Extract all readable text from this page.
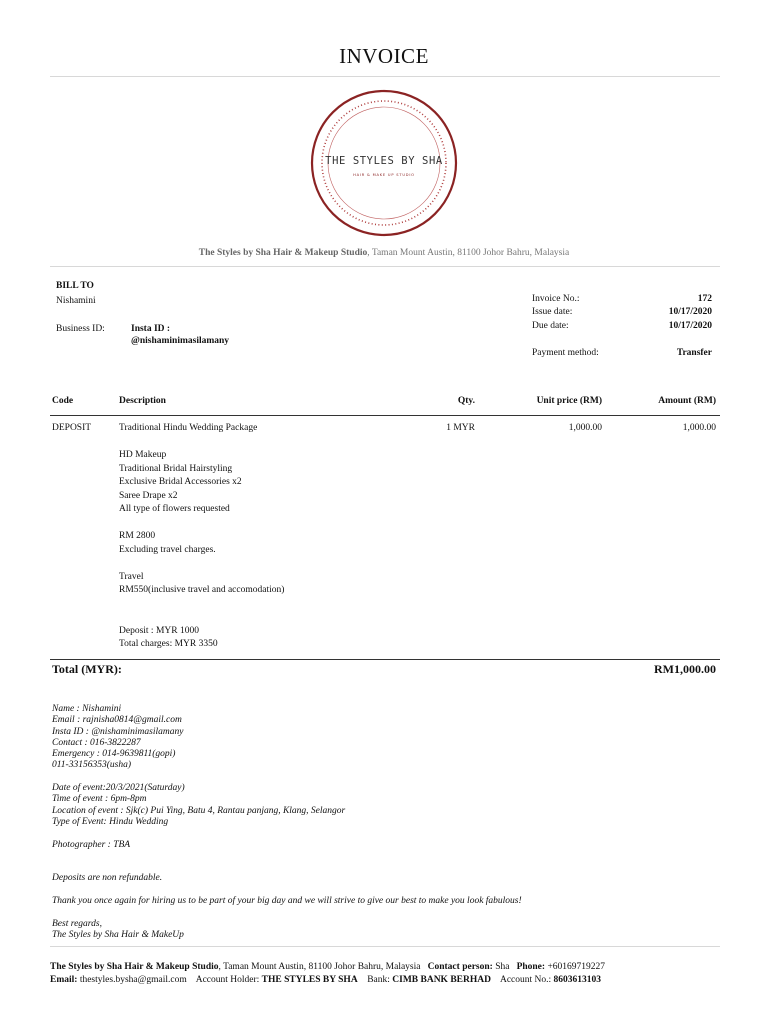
INVOICE
THE STYLES BY SHA
HAIR & MAKE UP STUDIO
The Styles by Sha Hair & Makeup Studio, Taman Mount Austin, 81100 Johor Bahru, Malaysia
BILL TO
Nishamini
Business ID:	Insta ID :
@nishaminimasilamany
Invoice No.:	172
Issue date:	10/17/2020
Due date:	10/17/2020
Payment method:	Transfer
Code	Description	Qty.	Unit price (RM)	Amount (RM)
DEPOSIT	Traditional Hindu Wedding Package	1 MYR	1,000.00	1,000.00
HD Makeup
Traditional Bridal Hairstyling
Exclusive Bridal Accessories x2
Saree Drape x2
All type of flowers requested
RM 2800
Excluding travel charges.
Travel
RM550(inclusive travel and accomodation)
Deposit : MYR 1000
Total charges: MYR 3350
Total (MYR):	RM1,000.00
Name : Nishamini
Email : rajnisha0814@gmail.com
Insta ID : @nishaminimasilamany
Contact : 016-3822287
Emergency : 014-9639811(gopi)
011-33156353(usha)
Date of event:20/3/2021(Saturday)
Time of event : 6pm-8pm
Location of event : Sjk(c) Pui Ying, Batu 4, Rantau panjang, Klang, Selangor
Type of Event: Hindu Wedding
Photographer : TBA
Deposits are non refundable.
Thank you once again for hiring us to be part of your big day and we will strive to give our best to make you look fabulous!
Best regards,
The Styles by Sha Hair & MakeUp
The Styles by Sha Hair & Makeup Studio, Taman Mount Austin, 81100 Johor Bahru, Malaysia Contact person: Sha Phone: +60169719227
Email: thestyles.bysha@gmail.com Account Holder: THE STYLES BY SHA Bank: CIMB BANK BERHAD Account No.: 8603613103
